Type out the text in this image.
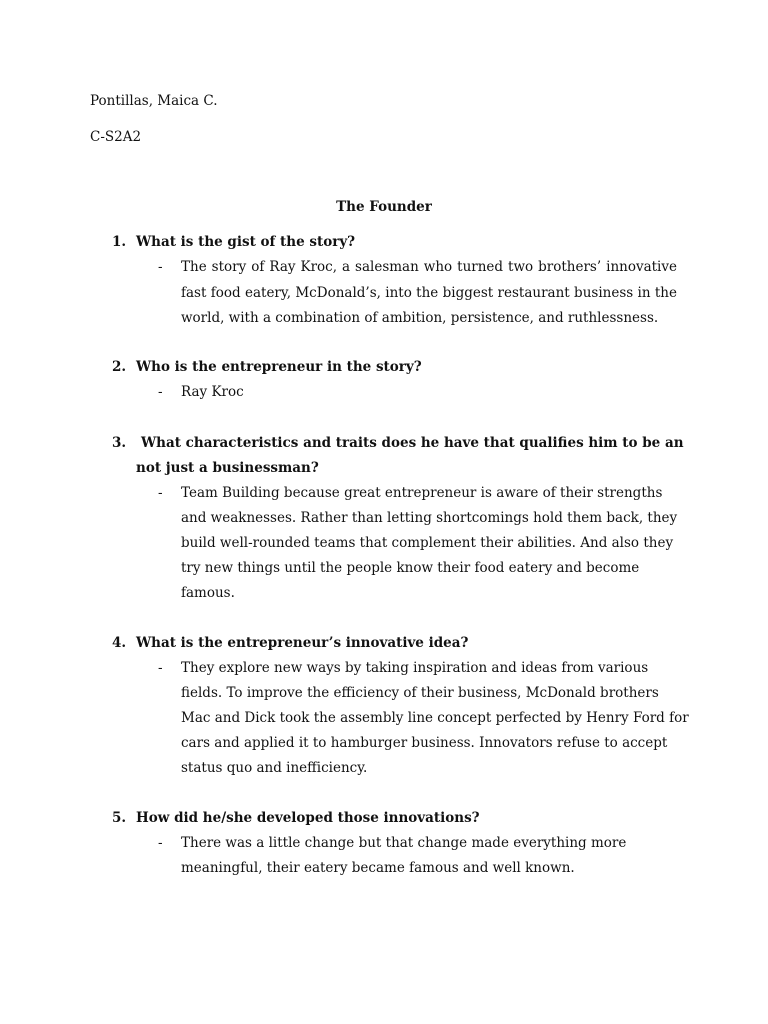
Pontillas, Maica C.
C-S2A2
The Founder
1. What is the gist of the story?
- The story of Ray Kroc, a salesman who turned two brothers’ innovative
fast food eatery, McDonald’s, into the biggest restaurant business in the
world, with a combination of ambition, persistence, and ruthlessness.
2. Who is the entrepreneur in the story?
- Ray Kroc
3. What characteristics and traits does he have that qualifies him to be an
not just a businessman?
- Team Building because great entrepreneur is aware of their strengths
and weaknesses. Rather than letting shortcomings hold them back, they
build well-rounded teams that complement their abilities. And also they
try new things until the people know their food eatery and become
famous.
4. What is the entrepreneur’s innovative idea?
- They explore new ways by taking inspiration and ideas from various
fields. To improve the efficiency of their business, McDonald brothers
Mac and Dick took the assembly line concept perfected by Henry Ford for
cars and applied it to hamburger business. Innovators refuse to accept
status quo and inefficiency.
5. How did he/she developed those innovations?
- There was a little change but that change made everything more
meaningful, their eatery became famous and well known.
